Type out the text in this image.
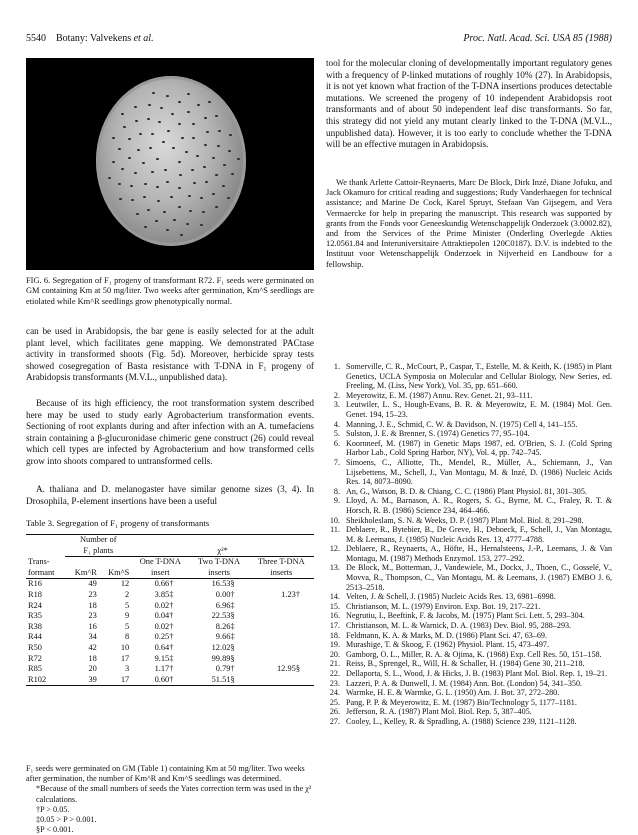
5540 Botany: Valvekens et al.	Proc. Natl. Acad. Sci. USA 85 (1988)
FIG. 6. Segregation of F₁ progeny of transformant R72. F₁ seeds were germinated on GM containing Km at 50 mg/liter. Two weeks after germination, Km^S seedlings are etiolated while Km^R seedlings grow phenotypically normal.
can be used in Arabidopsis, the bar gene is easily selected for at the adult plant level, which facilitates gene mapping. We demonstrated PACtase activity in transformed shoots (Fig. 5d). Moreover, herbicide spray tests showed cosegregation of Basta resistance with T-DNA in F₁ progeny of Arabidopsis transformants (M.V.L., unpublished data).
Because of its high efficiency, the root transformation system described here may be used to study early Agrobacterium transformation events. Sectioning of root explants during and after infection with an A. tumefaciens strain containing a β-glucuronidase chimeric gene construct (26) could reveal which cell types are infected by Agrobacterium and how transformed cells grow into shoots compared to untransformed cells.
A. thaliana and D. melanogaster have similar genome sizes (3, 4). In Drosophila, P-element insertions have been a useful
Table 3. Segregation of F₁ progeny of transformants
	Number of				
	F₁ plants		χ²*		
Trans-			One T-DNA	Two T-DNA	Three T-DNA
formant	Km^R	Km^S	insert	inserts	inserts
R16	49	12	0.66†	16.53§	
R18	23	2	3.85‡	0.00†	1.23†
R24	18	5	0.02†	6.96‡	
R35	23	9	0.04†	22.53§	
R38	16	5	0.02†	8.26‡	
R44	34	8	0.25†	9.66‡	
R50	42	10	0.64†	12.02§	
R72	18	17	9.15‡	99.89§	
R85	20	3	1.17†	0.79†	12.95§
R102	39	17	0.60†	51.51§	
F₁ seeds were germinated on GM (Table 1) containing Km at 50 mg/liter. Two weeks after germination, the number of Km^R and Km^S seedlings was determined.
*Because of the small numbers of seeds the Yates correction term was used in the χ² calculations.
†P > 0.05.
‡0.05 > P > 0.001.
§P < 0.001.
tool for the molecular cloning of developmentally important regulatory genes with a frequency of P-linked mutations of roughly 10% (27). In Arabidopsis, it is not yet known what fraction of the T-DNA insertions produces detectable mutations. We screened the progeny of 10 independent Arabidopsis root transformants and of about 50 independent leaf disc transformants. So far, this strategy did not yield any mutant clearly linked to the T-DNA (M.V.L., unpublished data). However, it is too early to conclude whether the T-DNA will be an effective mutagen in Arabidopsis.
We thank Arlette Cattoir-Reynaerts, Marc De Block, Dirk Inzé, Diane Jofuku, and Jack Okamuro for critical reading and suggestions; Rudy Vanderhaegen for technical assistance; and Marine De Cock, Karel Spruyt, Stefaan Van Gijsegem, and Vera Vermaercke for help in preparing the manuscript. This research was supported by grants from the Fonds voor Geneeskundig Wetenschappelijk Onderzoek (3.0002.82), and from the Services of the Prime Minister (Onderling Overlegde Akties 12.0561.84 and Interuniversitaire Attraktiepolen 120C0187). D.V. is indebted to the Instituut voor Wetenschappelijk Onderzoek in Nijverheid en Landbouw for a fellowship.
1. Somerville, C. R., McCourt, P., Caspar, T., Estelle, M. & Keith, K. (1985) in Plant Genetics, UCLA Symposia on Molecular and Cellular Biology, New Series, ed. Freeling, M. (Liss, New York), Vol. 35, pp. 651–660.
2. Meyerowitz, E. M. (1987) Annu. Rev. Genet. 21, 93–111.
3. Leutwiler, L. S., Hough-Evans, B. R. & Meyerowitz, E. M. (1984) Mol. Gen. Genet. 194, 15–23.
4. Manning, J. E., Schmid, C. W. & Davidson, N. (1975) Cell 4, 141–155.
5. Sulston, J. E. & Brenner, S. (1974) Genetics 77, 95–104.
6. Koornneef, M. (1987) in Genetic Maps 1987, ed. O'Brien, S. J. (Cold Spring Harbor Lab., Cold Spring Harbor, NY), Vol. 4, pp. 742–745.
7. Simoens, C., Alliotte, Th., Mendel, R., Müller, A., Schiemann, J., Van Lijsebettens, M., Schell, J., Van Montagu, M. & Inzé, D. (1986) Nucleic Acids Res. 14, 8073–8090.
8. An, G., Watson, B. D. & Chiang, C. C. (1986) Plant Physiol. 81, 301–305.
9. Lloyd, A. M., Barnason, A. R., Rogers, S. G., Byrne, M. C., Fraley, R. T. & Horsch, R. B. (1986) Science 234, 464–466.
10. Sheikholeslam, S. N. & Weeks, D. P. (1987) Plant Mol. Biol. 8, 291–298.
11. Deblaere, R., Bytebier, B., De Greve, H., Deboeck, F., Schell, J., Van Montagu, M. & Leemans, J. (1985) Nucleic Acids Res. 13, 4777–4788.
12. Deblaere, R., Reynaerts, A., Höfte, H., Hernalsteens, J.-P., Leemans, J. & Van Montagu, M. (1987) Methods Enzymol. 153, 277–292.
13. De Block, M., Botterman, J., Vandewiele, M., Dockx, J., Thoen, C., Gosselé, V., Movva, R., Thompson, C., Van Montagu, M. & Leemans, J. (1987) EMBO J. 6, 2513–2518.
14. Velten, J. & Schell, J. (1985) Nucleic Acids Res. 13, 6981–6998.
15. Christianson, M. L. (1979) Environ. Exp. Bot. 19, 217–221.
16. Negrutiu, I., Beeftink, F. & Jacobs, M. (1975) Plant Sci. Lett. 5, 293–304.
17. Christianson, M. L. & Warnick, D. A. (1983) Dev. Biol. 95, 288–293.
18. Feldmann, K. A. & Marks, M. D. (1986) Plant Sci. 47, 63–69.
19. Murashige, T. & Skoog, F. (1962) Physiol. Plant. 15, 473–497.
20. Gamborg, O. L., Miller, R. A. & Ojima, K. (1968) Exp. Cell Res. 50, 151–158.
21. Reiss, B., Sprengel, R., Will, H. & Schaller, H. (1984) Gene 30, 211–218.
22. Dellaporta, S. L., Wood, J. & Hicks, J. B. (1983) Plant Mol. Biol. Rep. 1, 19–21.
23. Lazzeri, P. A. & Dunwell, J. M. (1984) Ann. Bot. (London) 54, 341–350.
24. Warmke, H. E. & Warmke, G. L. (1950) Am. J. Bot. 37, 272–280.
25. Pang, P. P. & Meyerowitz, E. M. (1987) Bio/Technology 5, 1177–1181.
26. Jefferson, R. A. (1987) Plant Mol. Biol. Rep. 5, 387–405.
27. Cooley, L., Kelley, R. & Spradling, A. (1988) Science 239, 1121–1128.
